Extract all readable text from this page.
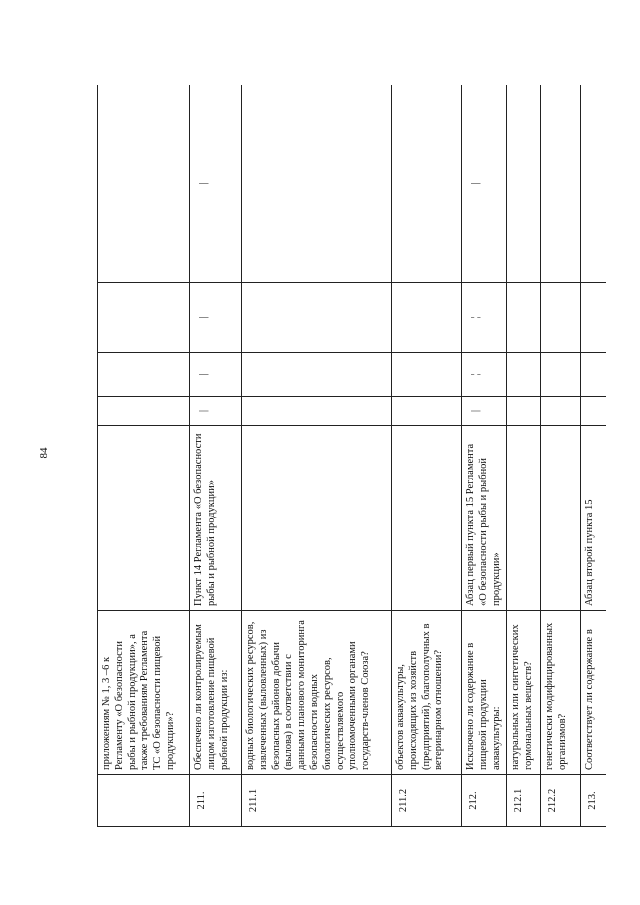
84
	приложениям № 1, 3 –6 к Регламенту «О безопасности рыбы и рыбной продукции», а также требованиям Регламента ТС «О безопасности пищевой продукции»?					
211.	Обеспечено ли контролируемым лицом изготовление пищевой рыбной продукции из:	Пункт 14 Регламента «О безопасности рыбы и рыбной продукции»	|	|	|	|
211.1	водных биологических ресурсов, извлеченных (выловленных) из безопасных районов добычи (вылова) в соответствии с данными планового мониторинга безопасности водных биологических ресурсов, осуществляемого уполномоченными органами государств-членов Союза?					
211.2	объектов аквакультуры, происходящих из хозяйств (предприятий), благополучных в ветеринарном отношении?					
212.	Исключено ли содержание в пищевой продукции аквакультуры:	Абзац первый пункта 15 Регламента «О безопасности рыбы и рыбной продукции»	|	¦	¦	|
212.1	натуральных или синтетических гормональных веществ?					
212.2	генетически модифицированных организмов?					
213.	Соответствует ли содержание в	Абзац второй пункта 15				
